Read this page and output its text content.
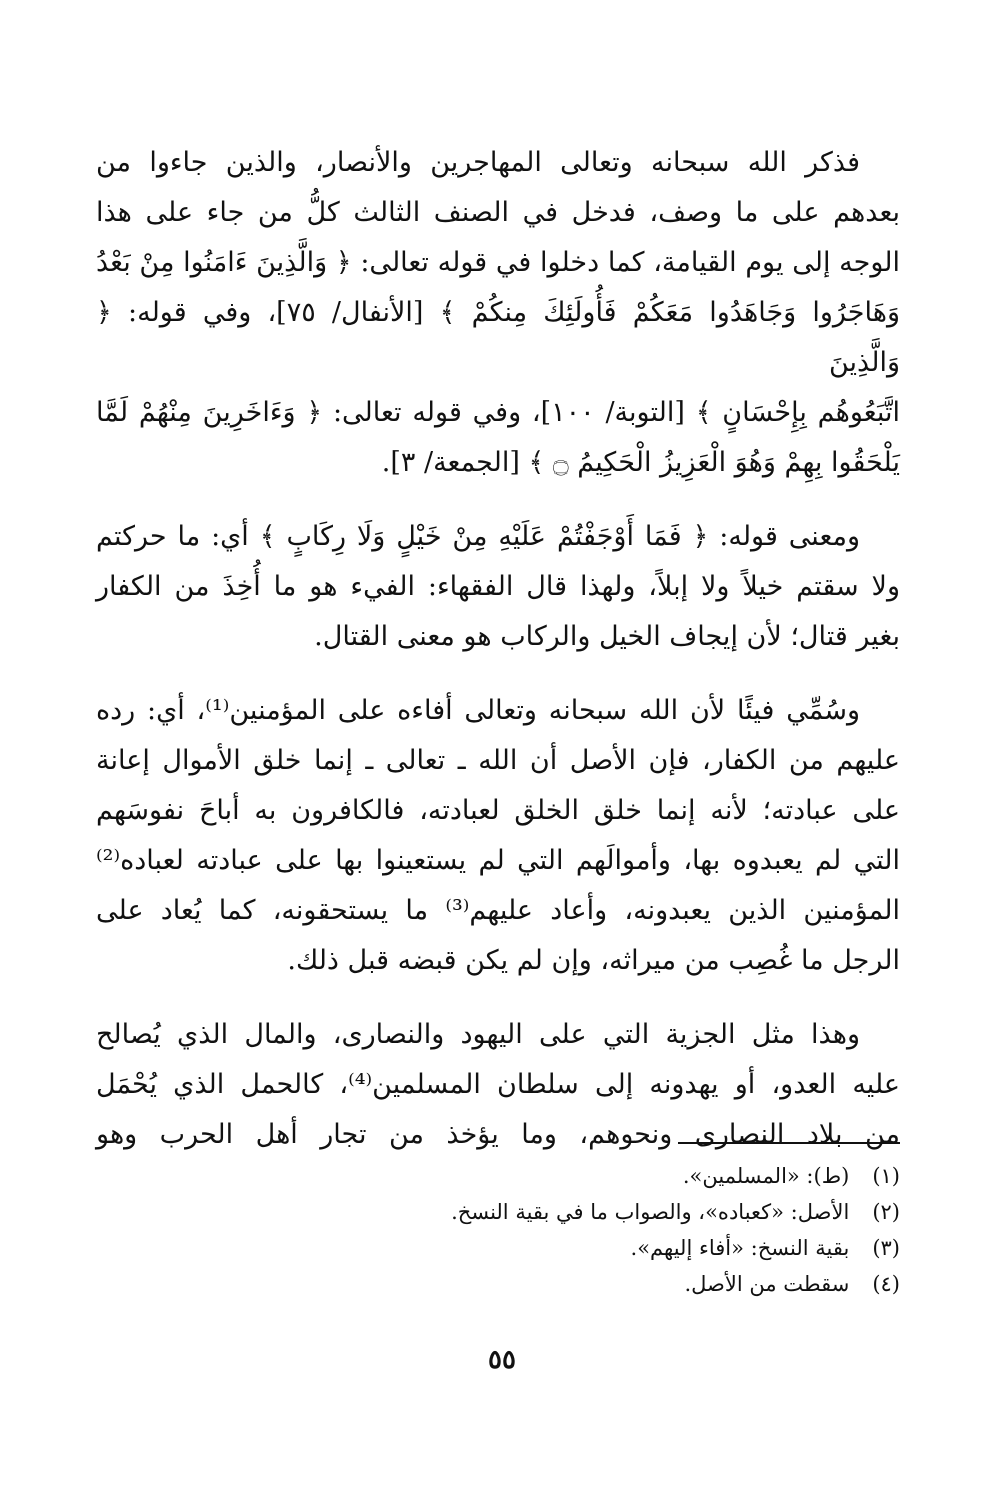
فذكر الله سبحانه وتعالى المهاجرين والأنصار، والذين جاءوا من
بعدهم على ما وصف، فدخل في الصنف الثالث كلُّ من جاء على هذا
الوجه إلى يوم القيامة، كما دخلوا في قوله تعالى: ﴿ وَالَّذِينَ ءَامَنُوا مِنْ بَعْدُ
وَهَاجَرُوا وَجَاهَدُوا مَعَكُمْ فَأُولَئِكَ مِنكُمْ ﴾ [الأنفال/ ٧٥]، وفي قوله: ﴿ وَالَّذِينَ
اتَّبَعُوهُم بِإِحْسَانٍ ﴾ [التوبة/ ١٠٠]، وفي قوله تعالى: ﴿ وَءَاخَرِينَ مِنْهُمْ لَمَّا
يَلْحَقُوا بِهِمْ وَهُوَ الْعَزِيزُ الْحَكِيمُ ۝ ﴾ [الجمعة/ ٣].
ومعنى قوله: ﴿ فَمَا أَوْجَفْتُمْ عَلَيْهِ مِنْ خَيْلٍ وَلَا رِكَابٍ ﴾ أي: ما حركتم
ولا سقتم خيلاً ولا إبلاً، ولهذا قال الفقهاء: الفيء هو ما أُخِذَ من الكفار
بغير قتال؛ لأن إيجاف الخيل والركاب هو معنى القتال.
وسُمِّي فيئًا لأن الله سبحانه وتعالى أفاءه على المؤمنين⁽¹⁾، أي: رده
عليهم من الكفار، فإن الأصل أن الله ـ تعالى ـ إنما خلق الأموال إعانة
على عبادته؛ لأنه إنما خلق الخلق لعبادته، فالكافرون به أباحَ نفوسَهم
التي لم يعبدوه بها، وأموالَهم التي لم يستعينوا بها على عبادته لعباده⁽²⁾
المؤمنين الذين يعبدونه، وأعاد عليهم⁽³⁾ ما يستحقونه، كما يُعاد على
الرجل ما غُصِب من ميراثه، وإن لم يكن قبضه قبل ذلك.
وهذا مثل الجزية التي على اليهود والنصارى، والمال الذي يُصالح
عليه العدو، أو يهدونه إلى سلطان المسلمين⁽⁴⁾، كالحمل الذي يُحْمَل
من بلاد النصارى ونحوهم، وما يؤخذ من تجار أهل الحرب وهو
(١) (ط): «المسلمين».
(٢) الأصل: «كعباده»، والصواب ما في بقية النسخ.
(٣) بقية النسخ: «أفاء إليهم».
(٤) سقطت من الأصل.
٥٥
